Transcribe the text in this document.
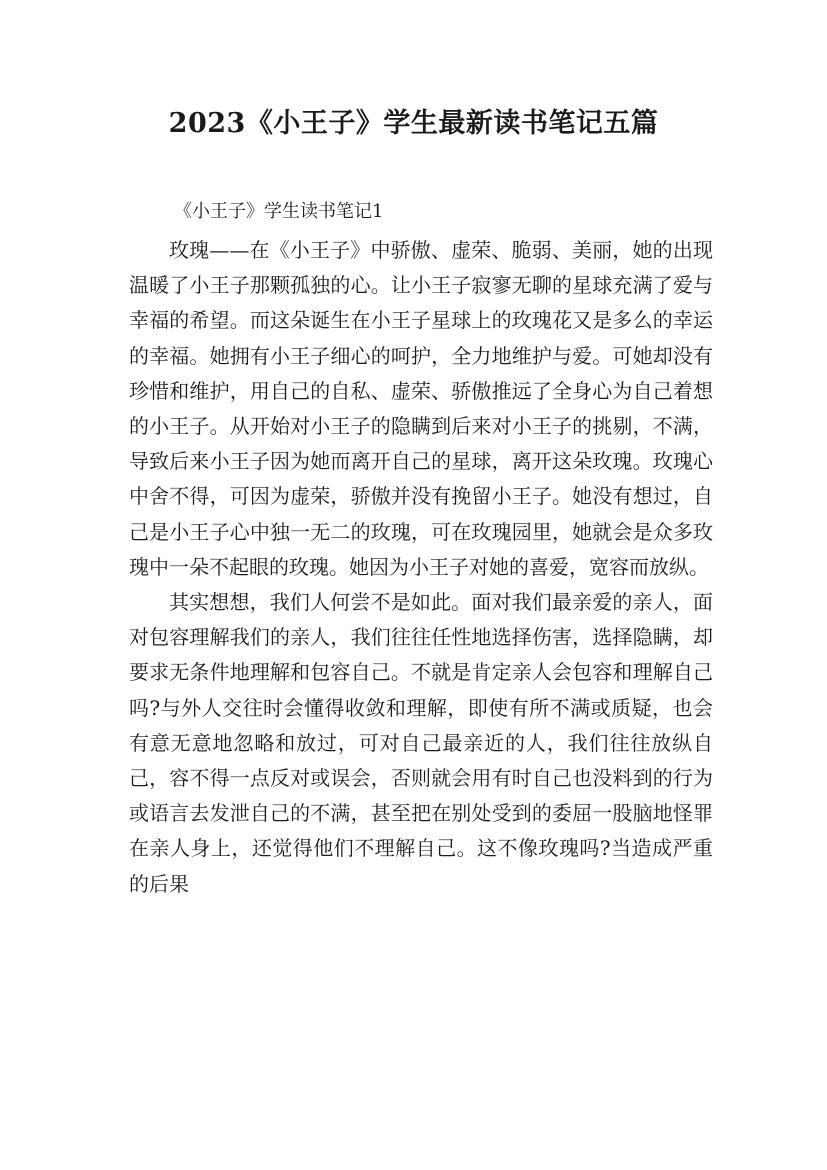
2023《小王子》学生最新读书笔记五篇
《小王子》学生读书笔记1

玫瑰——在《小王子》中骄傲、虚荣、脆弱、美丽，她的出现温暖了小王子那颗孤独的心。让小王子寂寥无聊的星球充满了爱与幸福的希望。而这朵诞生在小王子星球上的玫瑰花又是多么的幸运的幸福。她拥有小王子细心的呵护，全力地维护与爱。可她却没有珍惜和维护，用自己的自私、虚荣、骄傲推远了全身心为自己着想的小王子。从开始对小王子的隐瞒到后来对小王子的挑剔，不满，导致后来小王子因为她而离开自己的星球，离开这朵玫瑰。玫瑰心中舍不得，可因为虚荣，骄傲并没有挽留小王子。她没有想过，自己是小王子心中独一无二的玫瑰，可在玫瑰园里，她就会是众多玫瑰中一朵不起眼的玫瑰。她因为小王子对她的喜爱，宽容而放纵。

其实想想，我们人何尝不是如此。面对我们最亲爱的亲人，面对包容理解我们的亲人，我们往往任性地选择伤害，选择隐瞒，却要求无条件地理解和包容自己。不就是肯定亲人会包容和理解自己吗?与外人交往时会懂得收敛和理解，即使有所不满或质疑，也会有意无意地忽略和放过，可对自己最亲近的人，我们往往放纵自己，容不得一点反对或误会，否则就会用有时自己也没料到的行为或语言去发泄自己的不满，甚至把在别处受到的委屈一股脑地怪罪在亲人身上，还觉得他们不理解自己。这不像玫瑰吗?当造成严重的后果
